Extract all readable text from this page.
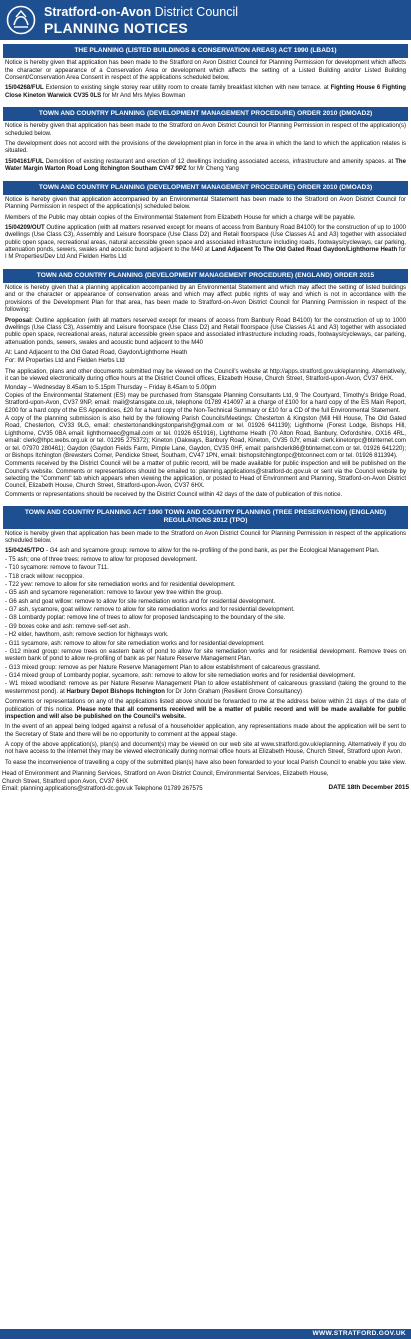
Stratford-on-Avon District Council
PLANNING NOTICES
THE PLANNING (LISTED BUILDINGS & CONSERVATION AREAS) ACT 1990 (LBAD1)

Notice is hereby given that application has been made to the Stratford on Avon District Council for Planning Permission for development which affects the character or appearance of a Conservation Area or development which affects the setting of a Listed Building and/or Listed Building Consent/Conservation Area Consent in respect of the applications scheduled below.

15/04268/FUL Extension to existing single storey rear utility room to create family breakfast kitchen with new terrace. at Fighting House 6 Fighting Close Kineton Warwick CV35 0LS for Mr And Mrs Myles Bowman

TOWN AND COUNTRY PLANNING (DEVELOPMENT MANAGEMENT PROCEDURE) ORDER 2010 (DMOAD2)

Notice is hereby given that application has been made to the Stratford on Avon District Council for Planning Permission in respect of the application(s) scheduled below.

The development does not accord with the provisions of the development plan in force in the area in which the land to which the application relates is situated.

15/04161/FUL Demolition of existing restaurant and erection of 12 dwellings including associated access, infrastructure and amenity spaces. at The Water Margin Warton Road Long Itchington Southam CV47 9PZ for Mr Cheng Yang

TOWN AND COUNTRY PLANNING (DEVELOPMENT MANAGEMENT PROCEDURE) ORDER 2010 (DMOAD3)

Notice is hereby given that application accompanied by an Environmental Statement has been made to the Stratford on Avon District Council for Planning Permission in respect of the application(s) scheduled below.

Members of the Public may obtain copies of the Environmental Statement from Elizabeth House for which a charge will be payable.

15/04209/OUT Outline application (with all matters reserved except for means of access from Banbury Road B4100) for the construction of up to 1000 dwellings (Use Class C3), Assembly and Leisure floorspace (Use Class D2) and Retail floorspace (Use Classes A1 and A3) together with associated public open space, recreational areas, natural accessible green space and associated infrastructure including roads, footways/cycleways, car parking, attenuation ponds, sewers, swales and acoustic bund adjacent to the M40 at Land Adjacent To The Old Gated Road Gaydon/Lighthorne Heath for I M Properties/Dev Ltd And Fielden Herbs Ltd

TOWN AND COUNTRY PLANNING (DEVELOPMENT MANAGEMENT PROCEDURE) (ENGLAND) ORDER 2015

Notice is hereby given that a planning application accompanied by an Environmental Statement and which may affect the setting of listed buildings and or the character or appearance of conservation areas and which may affect public rights of way and which is not in accordance with the provisions of the Development Plan for that area, has been made to Stratford-on-Avon District Council for Planning Permission in respect of the following:

Proposal: Outline application (with all matters reserved except for means of access from Banbury Road B4100) for the construction of up to 1000 dwellings (Use Class C3), Assembly and Leisure floorspace (Use Class D2) and Retail floorspace (Use Classes A1 and A3) together with associated public open space, recreational areas, natural accessible green space and associated infrastructure including roads, footways/cycleways, car parking, attenuation ponds, sewers, swales and acoustic bund adjacent to the M40

At: Land Adjacent to the Old Gated Road, Gaydon/Lighthorne Heath

For: IM Properties Ltd and Fielden Herbs Ltd

The application, plans and other documents submitted may be viewed on the Council's website at http://apps.stratford.gov.uk/eplanning. Alternatively, it can be viewed electronically during office hours at the District Council offices, Elizabeth House, Church Street, Stratford-upon-Avon, CV37 6HX.

Monday – Wednesday 8.45am to 5.15pm Thursday – Friday 8.45am to 5.00pm

Copies of the Environmental Statement (ES) may be purchased from Stansgate Planning Consultants Ltd, 9 The Courtyard, Timothy's Bridge Road, Stratford-upon-Avon, CV37 9NP, email: mail@stansgate.co.uk, telephone 01789 414097 at a charge of £100 for a hard copy of the ES Main Report, £200 for a hard copy of the ES Appendices, £20 for a hard copy of the Non-Technical Summary or £10 for a CD of the full Environmental Statement.

A copy of the planning submission is also held by the following Parish Councils/Meetings: Chesterton & Kingston (Mill Hill House, The Old Gated Road, Chesterton, CV33 9LG, email: chestertonandkingstonparish@gmail.com or tel. 01926 641139); Lighthorne (Forest Lodge, Bishops Hill, Lighthorne, CV35 0BA email: lighthorneec@gmail.com or tel. 01926 651916), Lighthorne Heath (70 Alton Road, Banbury, Oxfordshire, OX16 4RL, email: clerk@lhpc.webs.org.uk or tel. 01295 275372); Kineton (Oakways, Banbury Road, Kineton, CV35 0JY, email: clerk.kinetonpc@btinternet.com or tel. 07970 280461); Gaydon (Gaydon Fields Farm, Pimple Lane, Gaydon, CV35 0HF, email: parishclerk86@btinternet.com or tel. 01926 641220); or Bishops Itchington (Brewsters Corner, Pendicke Street, Southam, CV47 1PN, email: bishopsitchingtonpc@btconnect.com or tel. 01926 811394).

Comments received by the District Council will be a matter of public record, will be made available for public inspection and will be published on the Council's website. Comments or representations should be emailed to: planning.applications@stratford-dc.gov.uk or sent via the Council website by selecting the "Comment" tab which appears when viewing the application, or posted to Head of Environment and Planning, Stratford-on-Avon District Council, Elizabeth House, Church Street, Stratford-upon-Avon, CV37 6HX.

Comments or representations should be received by the District Council within 42 days of the date of publication of this notice.

TOWN AND COUNTRY PLANNING ACT 1990 TOWN AND COUNTRY PLANNING (TREE PRESERVATION) (ENGLAND) REGULATIONS 2012 (TPO)

Notice is hereby given that application has been made to the Stratford on Avon District Council for Planning Permission in respect of the applications scheduled below.

15/04245/TPO - G4 ash and sycamore group: remove to allow for the re-profiling of the pond bank, as per the Ecological Management Plan.

- T5 ash; one of three trees: remove to allow for proposed development.

- T10 sycamore: remove to favour T11.

- T18 crack willow: recoppice.

- T22 yew: remove to allow for site remediation works and for residential development.

- G5 ash and sycamore regeneration: remove to favour yew tree within the group.

- G6 ash and goat willow: remove to allow for site remediation works and for residential development.

- G7 ash, sycamore, goat willow: remove to allow for site remediation works and for residential development.

- G8 Lombardy poplar: remove line of trees to allow for proposed landscaping to the boundary of the site.

- G9 boxes coke and ash: remove self-set ash.

- H2 elder, hawthorn, ash: remove section for highways work.

- G11 sycamore, ash: remove to allow for site remediation works and for residential development.

- G12 mixed group: remove trees on eastern bank of pond to allow for site remediation works and for residential development. Remove trees on western bank of pond to allow re-profiling of bank as per Nature Reserve Management Plan.

- G13 mixed group: remove as per Nature Reserve Management Plan to allow establishment of calcareous grassland.

- G14 mixed group of Lombardy poplar, sycamore, ash: remove to allow for site remediation works and for residential development.

- W1 mixed woodland: remove as per Nature Reserve Management Plan to allow establishment of calcareous grassland (taking the ground to the westernmost pond). at Harbury Depot Bishops Itchington for Dr John Graham (Resilient Grove Consultancy)

Comments or representations on any of the applications listed above should be forwarded to me at the address below within 21 days of the date of publication of this notice. Please note that all comments received will be a matter of public record and will be made available for public inspection and will also be published on the Council's website.

In the event of an appeal being lodged against a refusal of a householder application, any representations made about the application will be sent to the Secretary of State and there will be no opportunity to comment at the appeal stage.

A copy of the above application(s), plan(s) and document(s) may be viewed on our web site at www.stratford.gov.uk/eplanning. Alternatively if you do not have access to the internet they may be viewed electronically during normal office hours at Elizabeth House, Church Street, Stratford upon Avon.

To ease the inconvenience of travelling a copy of the submitted plan(s) have also been forwarded to your local Parish Council to enable you take view.

Head of Environment and Planning Services, Stratford on Avon District Council, Environmental Services, Elizabeth House,
Church Street, Stratford upon Avon, CV37 6HX
Email: planning.applications@stratford-dc.gov.uk Telephone 01789 267575	DATE 18th December 2015
WWW.STRATFORD.GOV.UK
